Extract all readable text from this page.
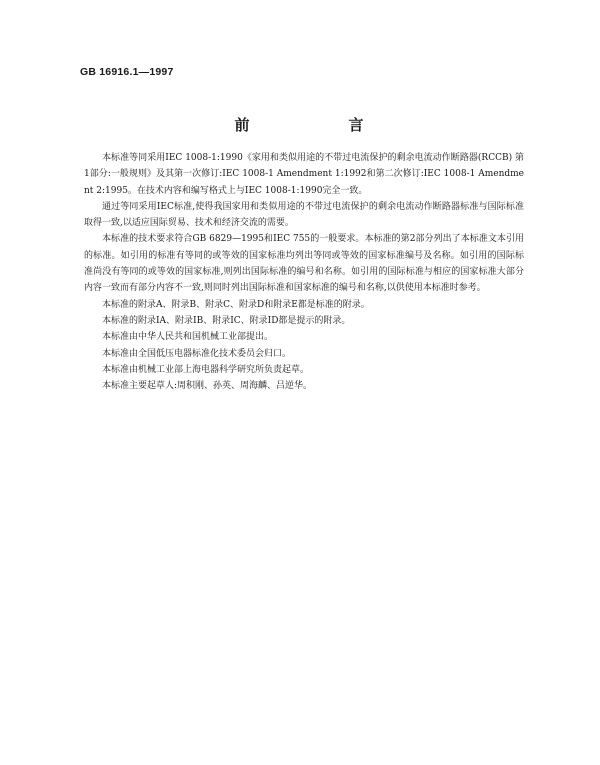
GB 16916.1—1997
前　言

本标准等同采用IEC 1008-1:1990《家用和类似用途的不带过电流保护的剩余电流动作断路器(RCCB) 第1部分:一般规则》及其第一次修订:IEC 1008-1 Amendment 1:1992和第二次修订:IEC 1008-1 Amendment 2:1995。在技术内容和编写格式上与IEC 1008-1:1990完全一致。

通过等同采用IEC标准,使得我国家用和类似用途的不带过电流保护的剩余电流动作断路器标准与国际标准取得一致,以适应国际贸易、技术和经济交流的需要。

本标准的技术要求符合GB 6829—1995和IEC 755的一般要求。本标准的第2部分列出了本标准文本引用的标准。如引用的标准有等同的或等效的国家标准均列出等同或等效的国家标准编号及名称。如引用的国际标准尚没有等同的或等效的国家标准,则列出国际标准的编号和名称。如引用的国际标准与相应的国家标准大部分内容一致而有部分内容不一致,则同时列出国际标准和国家标准的编号和名称,以供使用本标准时参考。

本标准的附录A、附录B、附录C、附录D和附录E都是标准的附录。

本标准的附录ⅠA、附录ⅠB、附录ⅠC、附录ⅠD都是提示的附录。

本标准由中华人民共和国机械工业部提出。

本标准由全国低压电器标准化技术委员会归口。

本标准由机械工业部上海电器科学研究所负责起草。

本标准主要起草人:周积刚、孙英、周海麟、吕逆华。
